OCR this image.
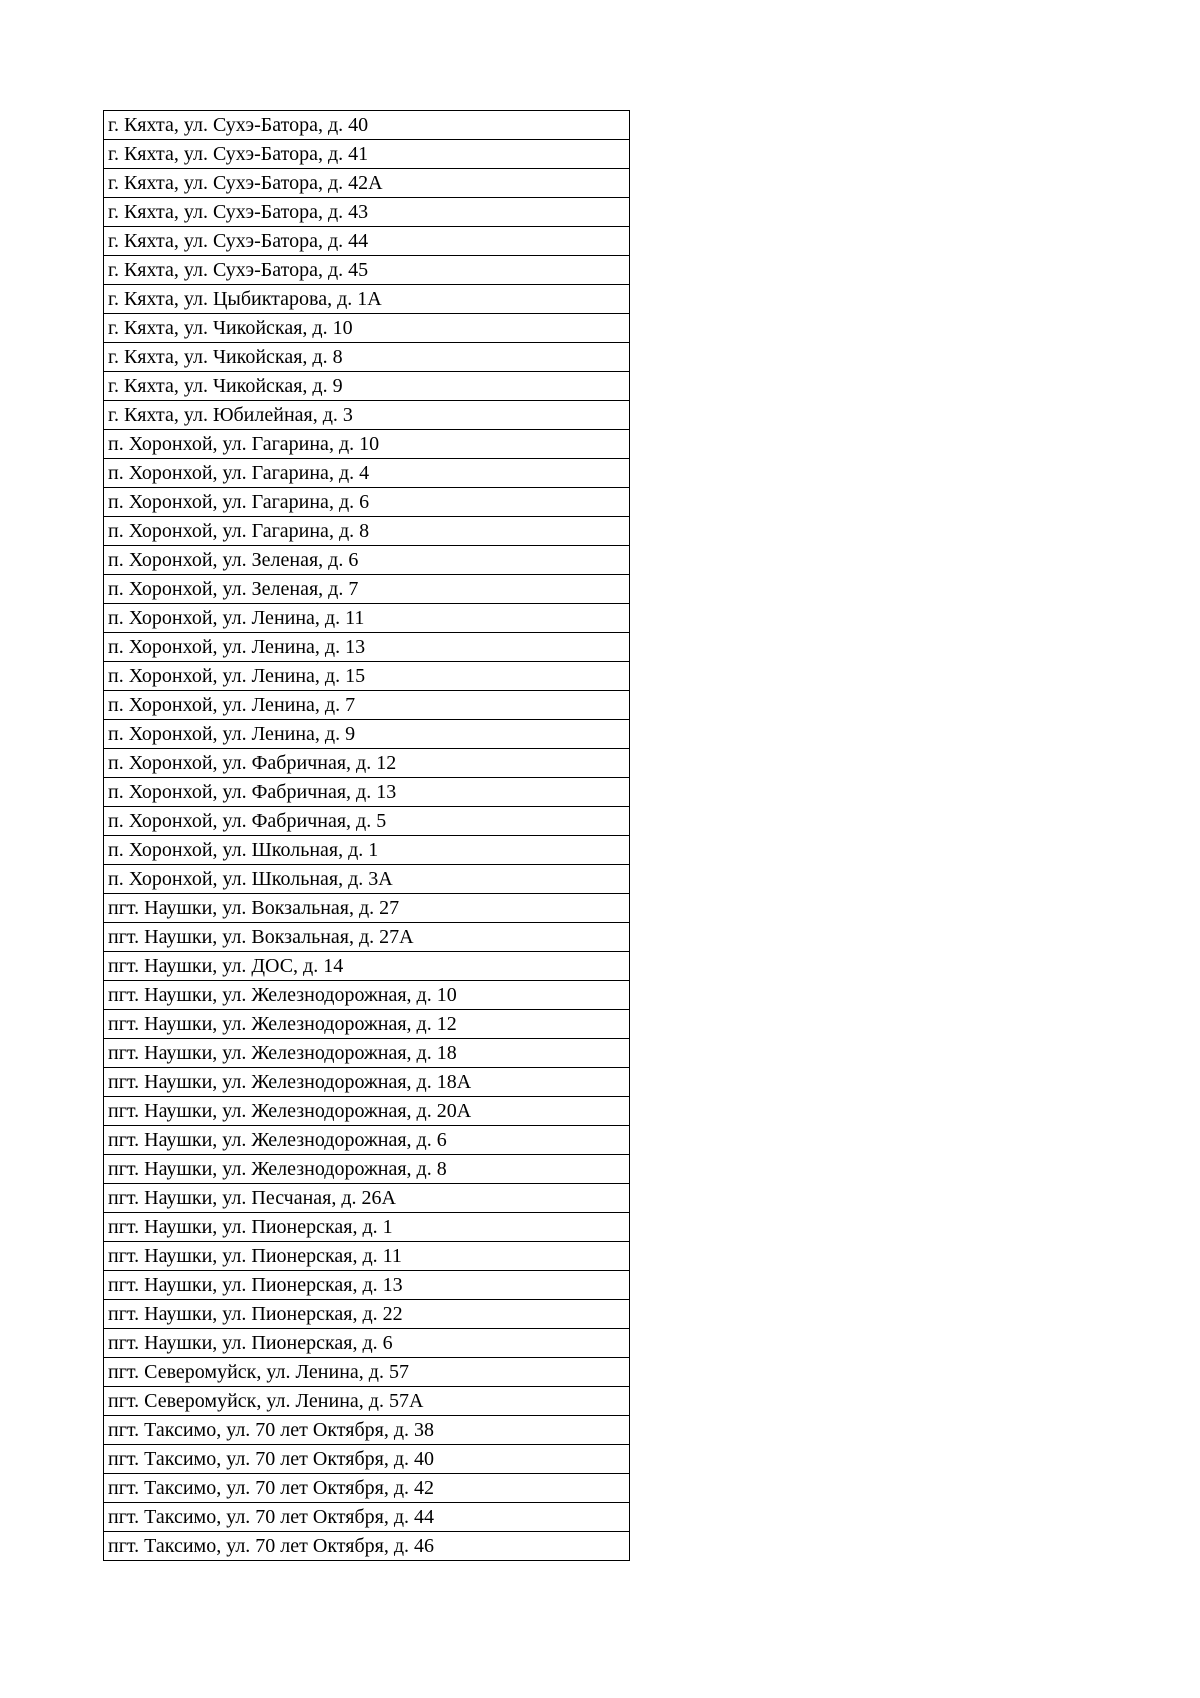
г. Кяхта, ул. Сухэ-Батора, д. 40
г. Кяхта, ул. Сухэ-Батора, д. 41
г. Кяхта, ул. Сухэ-Батора, д. 42А
г. Кяхта, ул. Сухэ-Батора, д. 43
г. Кяхта, ул. Сухэ-Батора, д. 44
г. Кяхта, ул. Сухэ-Батора, д. 45
г. Кяхта, ул. Цыбиктарова, д. 1А
г. Кяхта, ул. Чикойская, д. 10
г. Кяхта, ул. Чикойская, д. 8
г. Кяхта, ул. Чикойская, д. 9
г. Кяхта, ул. Юбилейная, д. 3
п. Хоронхой, ул. Гагарина, д. 10
п. Хоронхой, ул. Гагарина, д. 4
п. Хоронхой, ул. Гагарина, д. 6
п. Хоронхой, ул. Гагарина, д. 8
п. Хоронхой, ул. Зеленая, д. 6
п. Хоронхой, ул. Зеленая, д. 7
п. Хоронхой, ул. Ленина, д. 11
п. Хоронхой, ул. Ленина, д. 13
п. Хоронхой, ул. Ленина, д. 15
п. Хоронхой, ул. Ленина, д. 7
п. Хоронхой, ул. Ленина, д. 9
п. Хоронхой, ул. Фабричная, д. 12
п. Хоронхой, ул. Фабричная, д. 13
п. Хоронхой, ул. Фабричная, д. 5
п. Хоронхой, ул. Школьная, д. 1
п. Хоронхой, ул. Школьная, д. 3А
пгт. Наушки, ул. Вокзальная, д. 27
пгт. Наушки, ул. Вокзальная, д. 27А
пгт. Наушки, ул. ДОС, д. 14
пгт. Наушки, ул. Железнодорожная, д. 10
пгт. Наушки, ул. Железнодорожная, д. 12
пгт. Наушки, ул. Железнодорожная, д. 18
пгт. Наушки, ул. Железнодорожная, д. 18А
пгт. Наушки, ул. Железнодорожная, д. 20А
пгт. Наушки, ул. Железнодорожная, д. 6
пгт. Наушки, ул. Железнодорожная, д. 8
пгт. Наушки, ул. Песчаная, д. 26А
пгт. Наушки, ул. Пионерская, д. 1
пгт. Наушки, ул. Пионерская, д. 11
пгт. Наушки, ул. Пионерская, д. 13
пгт. Наушки, ул. Пионерская, д. 22
пгт. Наушки, ул. Пионерская, д. 6
пгт. Северомуйск, ул. Ленина, д. 57
пгт. Северомуйск, ул. Ленина, д. 57А
пгт. Таксимо, ул. 70 лет Октября, д. 38
пгт. Таксимо, ул. 70 лет Октября, д. 40
пгт. Таксимо, ул. 70 лет Октября, д. 42
пгт. Таксимо, ул. 70 лет Октября, д. 44
пгт. Таксимо, ул. 70 лет Октября, д. 46
